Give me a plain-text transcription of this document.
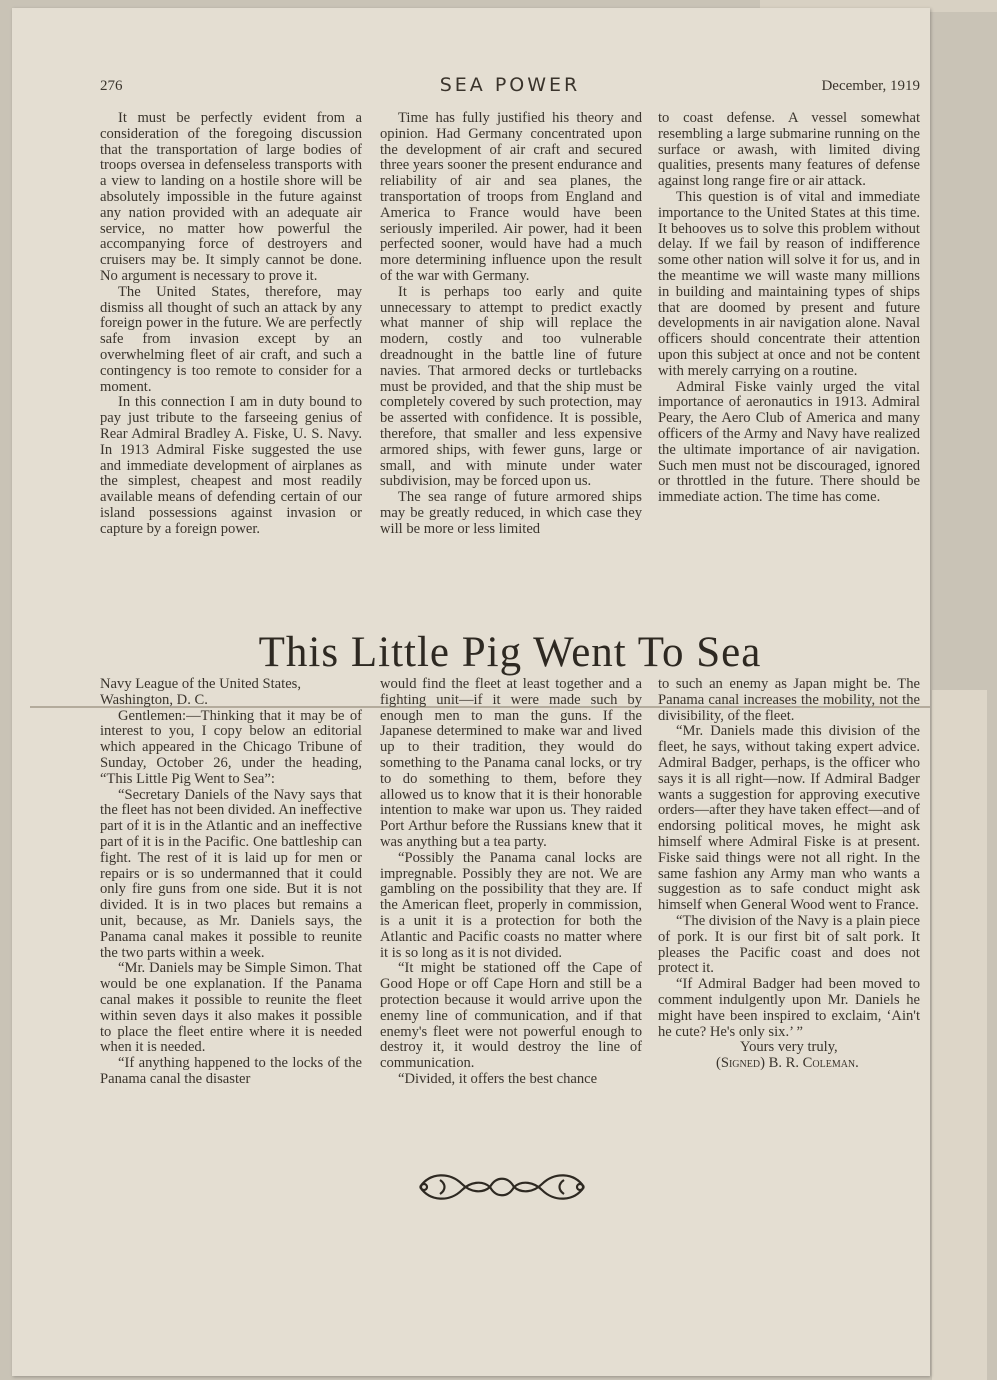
276	SEA POWER	December, 1919

It must be perfectly evident from a consideration of the foregoing discussion that the transportation of large bodies of troops oversea in defenseless transports with a view to landing on a hostile shore will be absolutely impossible in the future against any nation provided with an adequate air service, no matter how powerful the accompanying force of destroyers and cruisers may be. It simply cannot be done. No argument is necessary to prove it.

The United States, therefore, may dismiss all thought of such an attack by any foreign power in the future. We are perfectly safe from invasion except by an overwhelming fleet of air craft, and such a contingency is too remote to consider for a moment.

In this connection I am in duty bound to pay just tribute to the farseeing genius of Rear Admiral Bradley A. Fiske, U. S. Navy. In 1913 Admiral Fiske suggested the use and immediate development of airplanes as the simplest, cheapest and most readily available means of defending certain of our island possessions against invasion or capture by a foreign power.

Time has fully justified his theory and opinion. Had Germany concentrated upon the development of air craft and secured three years sooner the present endurance and reliability of air and sea planes, the transportation of troops from England and America to France would have been seriously imperiled. Air power, had it been perfected sooner, would have had a much more determining influence upon the result of the war with Germany.

It is perhaps too early and quite unnecessary to attempt to predict exactly what manner of ship will replace the modern, costly and too vulnerable dreadnought in the battle line of future navies. That armored decks or turtlebacks must be provided, and that the ship must be completely covered by such protection, may be asserted with confidence. It is possible, therefore, that smaller and less expensive armored ships, with fewer guns, large or small, and with minute under water subdivision, may be forced upon us.

The sea range of future armored ships may be greatly reduced, in which case they will be more or less limited

to coast defense. A vessel somewhat resembling a large submarine running on the surface or awash, with limited diving qualities, presents many features of defense against long range fire or air attack.

This question is of vital and immediate importance to the United States at this time. It behooves us to solve this problem without delay. If we fail by reason of indifference some other nation will solve it for us, and in the meantime we will waste many millions in building and maintaining types of ships that are doomed by present and future developments in air navigation alone. Naval officers should concentrate their attention upon this subject at once and not be content with merely carrying on a routine.

Admiral Fiske vainly urged the vital importance of aeronautics in 1913. Admiral Peary, the Aero Club of America and many officers of the Army and Navy have realized the ultimate importance of air navigation. Such men must not be discouraged, ignored or throttled in the future. There should be immediate action. The time has come.

This Little Pig Went To Sea

Navy League of the United States,

Washington, D. C.

Gentlemen:—Thinking that it may be of interest to you, I copy below an editorial which appeared in the Chicago Tribune of Sunday, October 26, under the heading, “This Little Pig Went to Sea”:

“Secretary Daniels of the Navy says that the fleet has not been divided. An ineffective part of it is in the Atlantic and an ineffective part of it is in the Pacific. One battleship can fight. The rest of it is laid up for men or repairs or is so undermanned that it could only fire guns from one side. But it is not divided. It is in two places but remains a unit, because, as Mr. Daniels says, the Panama canal makes it possible to reunite the two parts within a week.

“Mr. Daniels may be Simple Simon. That would be one explanation. If the Panama canal makes it possible to reunite the fleet within seven days it also makes it possible to place the fleet entire where it is needed when it is needed.

“If anything happened to the locks of the Panama canal the disaster

would find the fleet at least together and a fighting unit—if it were made such by enough men to man the guns. If the Japanese determined to make war and lived up to their tradition, they would do something to the Panama canal locks, or try to do something to them, before they allowed us to know that it is their honorable intention to make war upon us. They raided Port Arthur before the Russians knew that it was anything but a tea party.

“Possibly the Panama canal locks are impregnable. Possibly they are not. We are gambling on the possibility that they are. If the American fleet, properly in commission, is a unit it is a protection for both the Atlantic and Pacific coasts no matter where it is so long as it is not divided.

“It might be stationed off the Cape of Good Hope or off Cape Horn and still be a protection because it would arrive upon the enemy line of communication, and if that enemy's fleet were not powerful enough to destroy it, it would destroy the line of communication.

“Divided, it offers the best chance

to such an enemy as Japan might be. The Panama canal increases the mobility, not the divisibility, of the fleet.

“Mr. Daniels made this division of the fleet, he says, without taking expert advice. Admiral Badger, perhaps, is the officer who says it is all right—now. If Admiral Badger wants a suggestion for approving executive orders—after they have taken effect—and of endorsing political moves, he might ask himself where Admiral Fiske is at present. Fiske said things were not all right. In the same fashion any Army man who wants a suggestion as to safe conduct might ask himself when General Wood went to France.

“The division of the Navy is a plain piece of pork. It is our first bit of salt pork. It pleases the Pacific coast and does not protect it.

“If Admiral Badger had been moved to comment indulgently upon Mr. Daniels he might have been inspired to exclaim, ‘Ain't he cute? He's only six.’ ”

Yours very truly,

(Signed) B. R. Coleman.
